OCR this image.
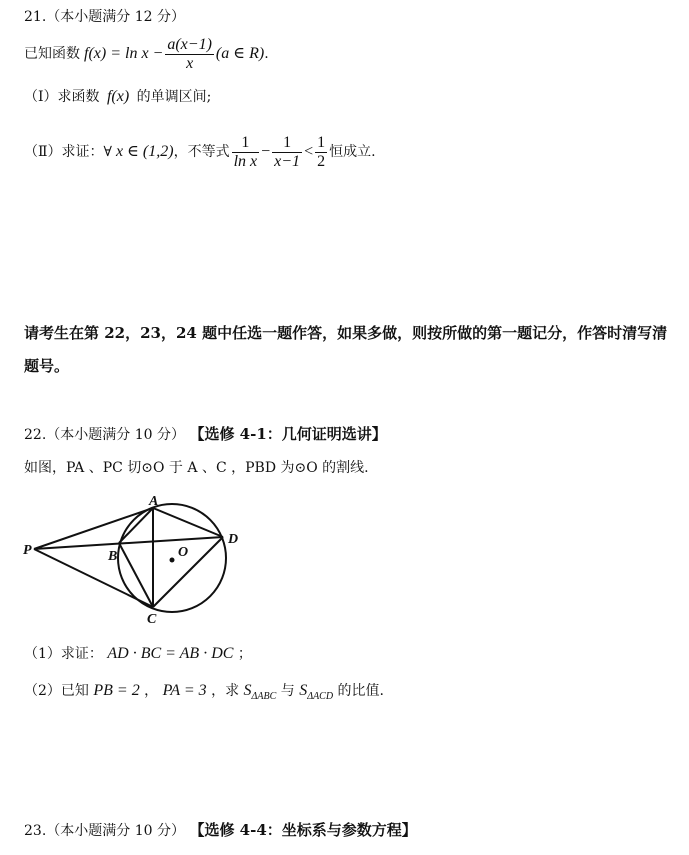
21.（本小题满分 12 分）
已知函数 $f(x) = \ln x - \frac{a(x-1)}{x} (a$ ∈ R) .
（Ⅰ）求函数 f(x) 的单调区间;
（Ⅱ）求证：∀ x ∈ (1,2) ，不等式 $\frac{1}{\text{ln x}} - \frac{1}{x-1} < \frac{1}{2}$ 恒成立.
请考生在第 22，23，24 题中任选一题作答，如果多做，则按所做的第一题记分，作答时清写清题号。
22.（本小题满分 10 分） 【选修 4-1：几何证明选讲】
如图，PA 、PC 切⊙O 于 A 、C ，PBD 为⊙O 的割线.
A
B
C
D
O
P
（1）求证： AD · BC = AB · DC ；
（2）已知 PB = 2 ， PA = 3 ，求 $S_{\Delta ABC}$ 与 $S_{\Delta ACD}$ 的比值.
23.（本小题满分 10 分） 【选修 4-4：坐标系与参数方程】
